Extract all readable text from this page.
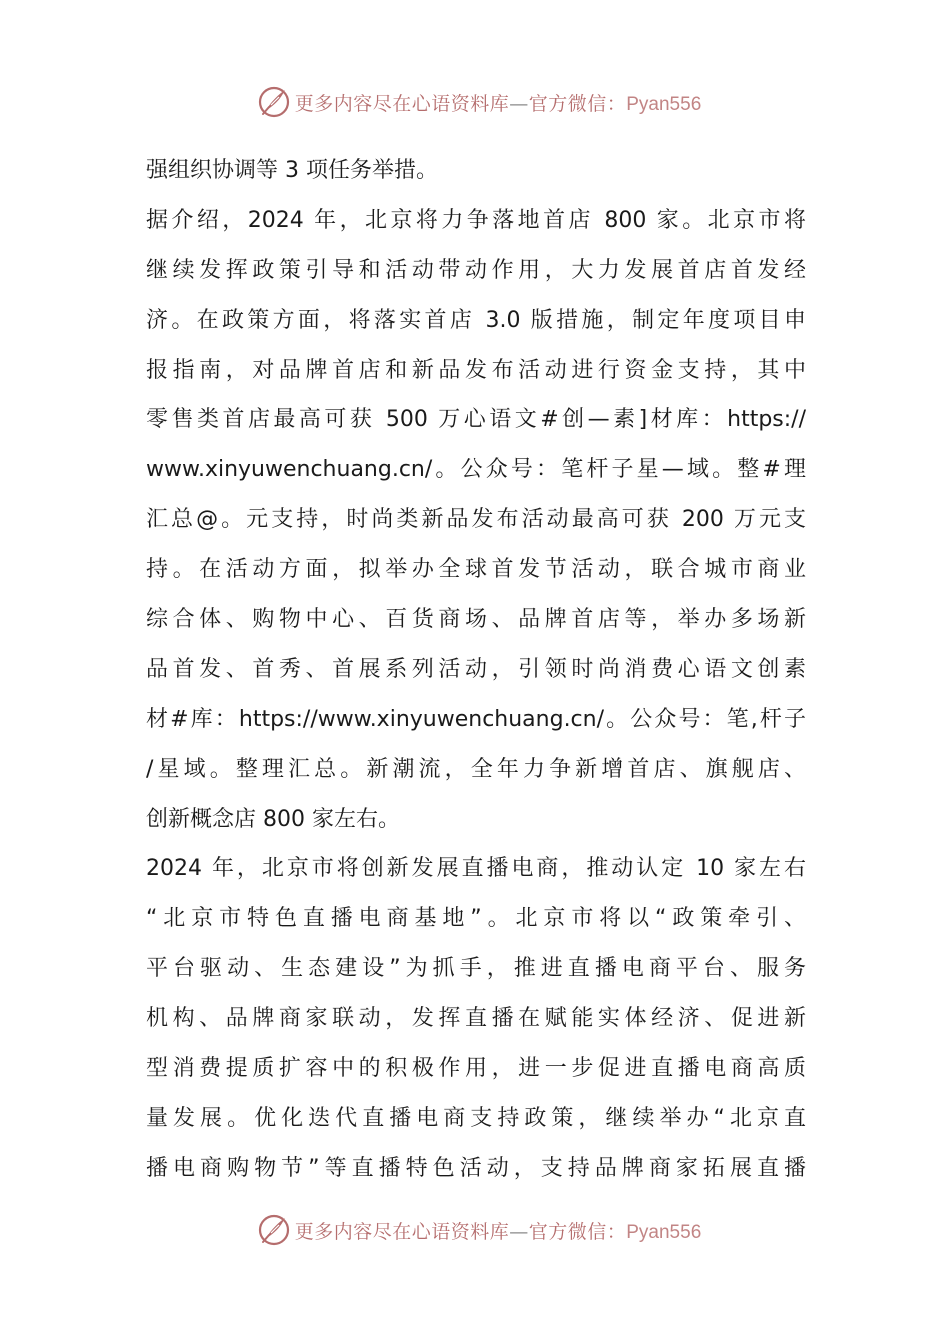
更多内容尽在心语资料库—官方微信：Pyan556
强组织协调等 3 项任务举措。
据介绍，2024 年，北京将力争落地首店 800 家。北京市将
继续发挥政策引导和活动带动作用，大力发展首店首发经
济。在政策方面，将落实首店 3.0 版措施，制定年度项目申
报指南，对品牌首店和新品发布活动进行资金支持，其中
零售类首店最高可获 500 万心语文#创—素]材库：https://
www.xinyuwenchuang.cn/。公众号：笔杆子星—域。整#理
汇总@。元支持，时尚类新品发布活动最高可获 200 万元支
持。在活动方面，拟举办全球首发节活动，联合城市商业
综合体、购物中心、百货商场、品牌首店等，举办多场新
品首发、首秀、首展系列活动，引领时尚消费心语文创素
材#库：https://www.xinyuwenchuang.cn/。公众号：笔,杆子
/星域。整理汇总。新潮流，全年力争新增首店、旗舰店、
创新概念店 800 家左右。
2024 年，北京市将创新发展直播电商，推动认定 10 家左右
“北京市特色直播电商基地”。北京市将以“政策牵引、
平台驱动、生态建设”为抓手，推进直播电商平台、服务
机构、品牌商家联动，发挥直播在赋能实体经济、促进新
型消费提质扩容中的积极作用，进一步促进直播电商高质
量发展。优化迭代直播电商支持政策，继续举办“北京直
播电商购物节”等直播特色活动，支持品牌商家拓展直播
更多内容尽在心语资料库—官方微信：Pyan556
